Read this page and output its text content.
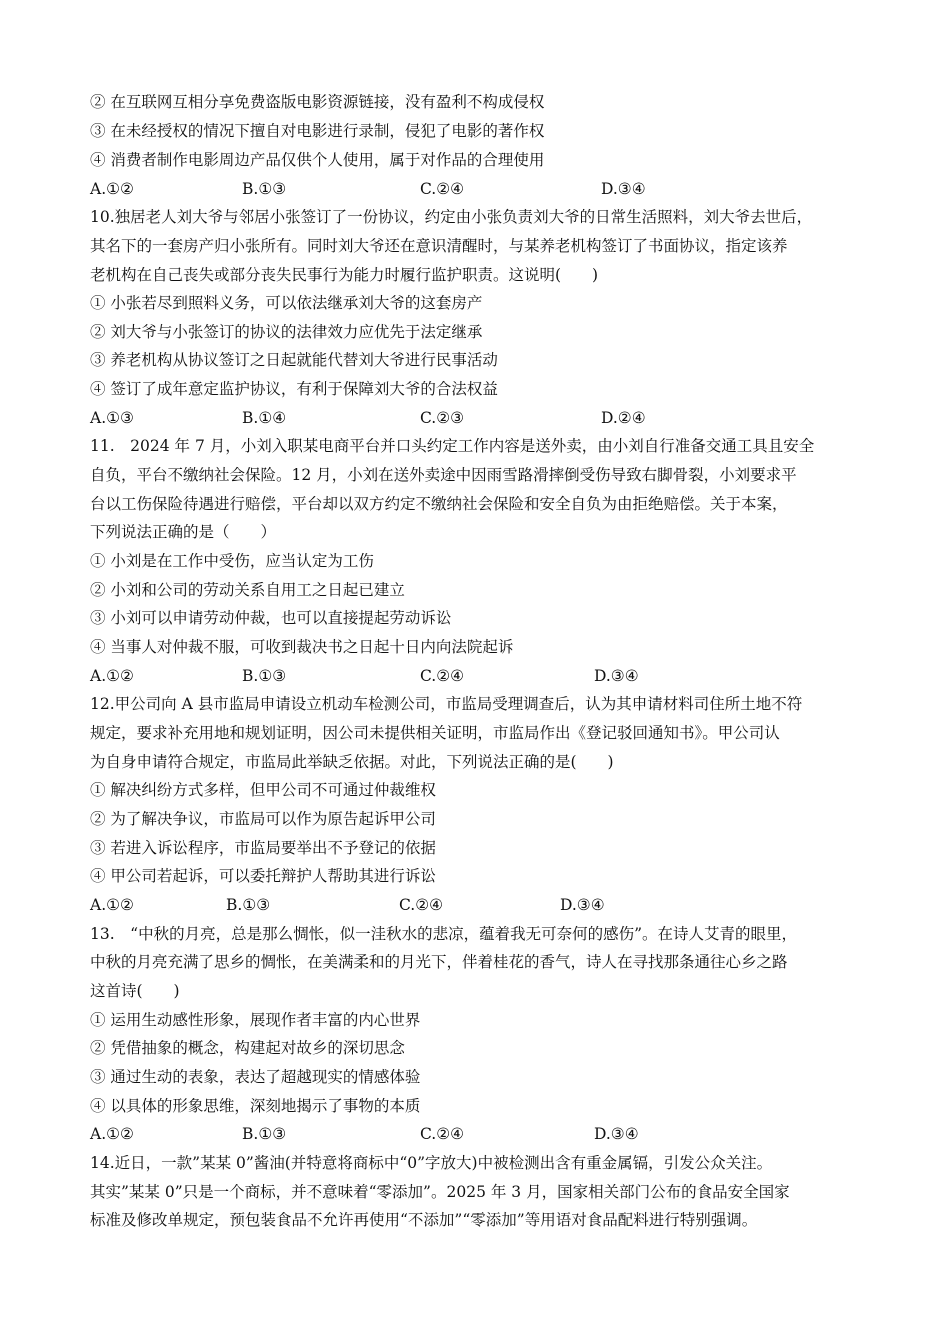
② 在互联网互相分享免费盗版电影资源链接，没有盈利不构成侵权
③ 在未经授权的情况下擅自对电影进行录制，侵犯了电影的著作权
④ 消费者制作电影周边产品仅供个人使用，属于对作品的合理使用
A.①②	B.①③	C.②④	D.③④
10.独居老人刘大爷与邻居小张签订了一份协议，约定由小张负责刘大爷的日常生活照料，刘大爷去世后，
其名下的一套房产归小张所有。同时刘大爷还在意识清醒时，与某养老机构签订了书面协议，指定该养
老机构在自己丧失或部分丧失民事行为能力时履行监护职责。这说明(　　)
① 小张若尽到照料义务，可以依法继承刘大爷的这套房产
② 刘大爷与小张签订的协议的法律效力应优先于法定继承
③ 养老机构从协议签订之日起就能代替刘大爷进行民事活动
④ 签订了成年意定监护协议，有利于保障刘大爷的合法权益
A.①③	B.①④	C.②③	D.②④
11.　2024 年 7 月，小刘入职某电商平台并口头约定工作内容是送外卖，由小刘自行准备交通工具且安全
自负，平台不缴纳社会保险。12 月，小刘在送外卖途中因雨雪路滑摔倒受伤导致右脚骨裂，小刘要求平
台以工伤保险待遇进行赔偿，平台却以双方约定不缴纳社会保险和安全自负为由拒绝赔偿。关于本案，
下列说法正确的是（　　）
① 小刘是在工作中受伤，应当认定为工伤
② 小刘和公司的劳动关系自用工之日起已建立
③ 小刘可以申请劳动仲裁，也可以直接提起劳动诉讼
④ 当事人对仲裁不服，可收到裁决书之日起十日内向法院起诉
A.①②	B.①③	C.②④	D.③④
12.甲公司向 A 县市监局申请设立机动车检测公司，市监局受理调查后，认为其申请材料司住所土地不符
规定，要求补充用地和规划证明，因公司未提供相关证明，市监局作出《登记驳回通知书》。甲公司认
为自身申请符合规定，市监局此举缺乏依据。对此，下列说法正确的是(　　)
① 解决纠纷方式多样，但甲公司不可通过仲裁维权
② 为了解决争议，市监局可以作为原告起诉甲公司
③ 若进入诉讼程序，市监局要举出不予登记的依据
④ 甲公司若起诉，可以委托辩护人帮助其进行诉讼
A.①②	B.①③	C.②④	D.③④
13.　“中秋的月亮，总是那么惆怅，似一洼秋水的悲凉，蕴着我无可奈何的感伤”。在诗人艾青的眼里，
中秋的月亮充满了思乡的惆怅，在美满柔和的月光下，伴着桂花的香气，诗人在寻找那条通往心乡之路
这首诗(　　)
① 运用生动感性形象，展现作者丰富的内心世界
② 凭借抽象的概念，构建起对故乡的深切思念
③ 通过生动的表象，表达了超越现实的情感体验
④ 以具体的形象思维，深刻地揭示了事物的本质
A.①②	B.①③	C.②④	D.③④
14.近日，一款”某某 0”酱油(并特意将商标中“0”字放大)中被检测出含有重金属镉，引发公众关注。
其实”某某 0”只是一个商标，并不意味着“零添加”。2025 年 3 月，国家相关部门公布的食品安全国家
标准及修改单规定，预包装食品不允许再使用“不添加”“零添加”等用语对食品配料进行特别强调。
